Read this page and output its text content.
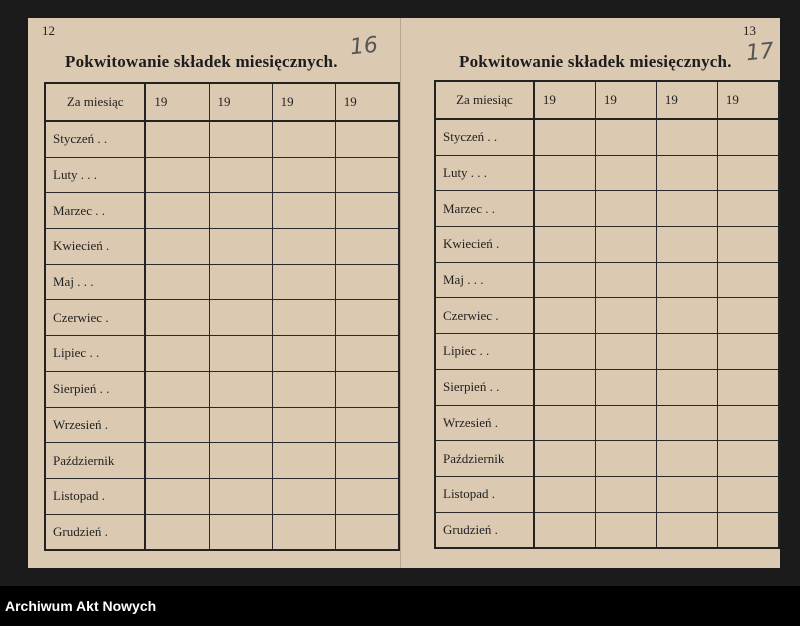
12
Pokwitowanie składek miesięcznych.
16
Za miesiąc	19	19	19	19
Styczeń . .				
Luty . . .				
Marzec . .				
Kwiecień .				
Maj . . .				
Czerwiec .				
Lipiec . .				
Sierpień . .				
Wrzesień .				
Październik				
Listopad .				
Grudzień .				
13
Pokwitowanie składek miesięcznych. 17
Za miesiąc	19	19	19	19
Styczeń . .				
Luty . . .				
Marzec . .				
Kwiecień .				
Maj . . .				
Czerwiec .				
Lipiec . .				
Sierpień . .				
Wrzesień .				
Październik				
Listopad .				
Grudzień .				
Archiwum Akt Nowych
